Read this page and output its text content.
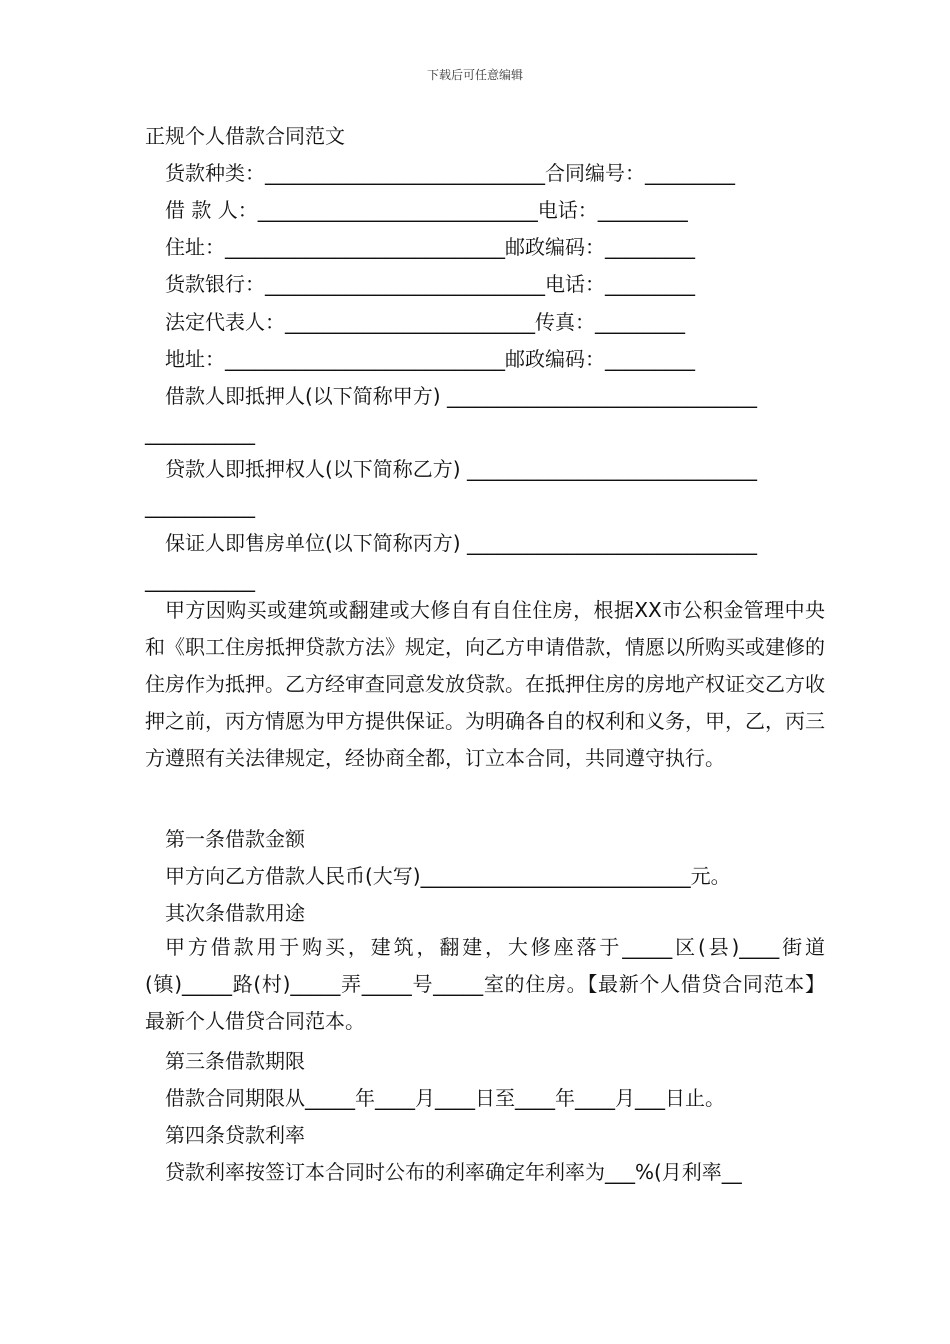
下载后可任意编辑
正规个人借款合同范文
货款种类：____________________________合同编号：_________
借 款 人：____________________________电话：_________
住址：____________________________邮政编码：_________
货款银行：____________________________电话：_________
法定代表人：_________________________传真：_________
地址：____________________________邮政编码：_________
借款人即抵押人(以下简称甲方) _______________________________
___________
贷款人即抵押权人(以下简称乙方) _____________________________
___________
保证人即售房单位(以下简称丙方) _____________________________
___________

甲方因购买或建筑或翻建或大修自有自住住房，根据XX市公积金管理中央和《职工住房抵押贷款方法》规定，向乙方申请借款，情愿以所购买或建修的住房作为抵押。乙方经审查同意发放贷款。在抵押住房的房地产权证交乙方收押之前，丙方情愿为甲方提供保证。为明确各自的权利和义务，甲，乙，丙三方遵照有关法律规定，经协商全都，订立本合同，共同遵守执行。

第一条借款金额
甲方向乙方借款人民币(大写)___________________________元。
其次条借款用途

甲方借款用于购买，建筑，翻建，大修座落于_____区(县)____街道(镇)_____路(村)_____弄_____号_____室的住房。【最新个人借贷合同范本】最新个人借贷合同范本。

第三条借款期限
借款合同期限从_____年____月____日至____年____月___日止。
第四条贷款利率
贷款利率按签订本合同时公布的利率确定年利率为___%(月利率__
